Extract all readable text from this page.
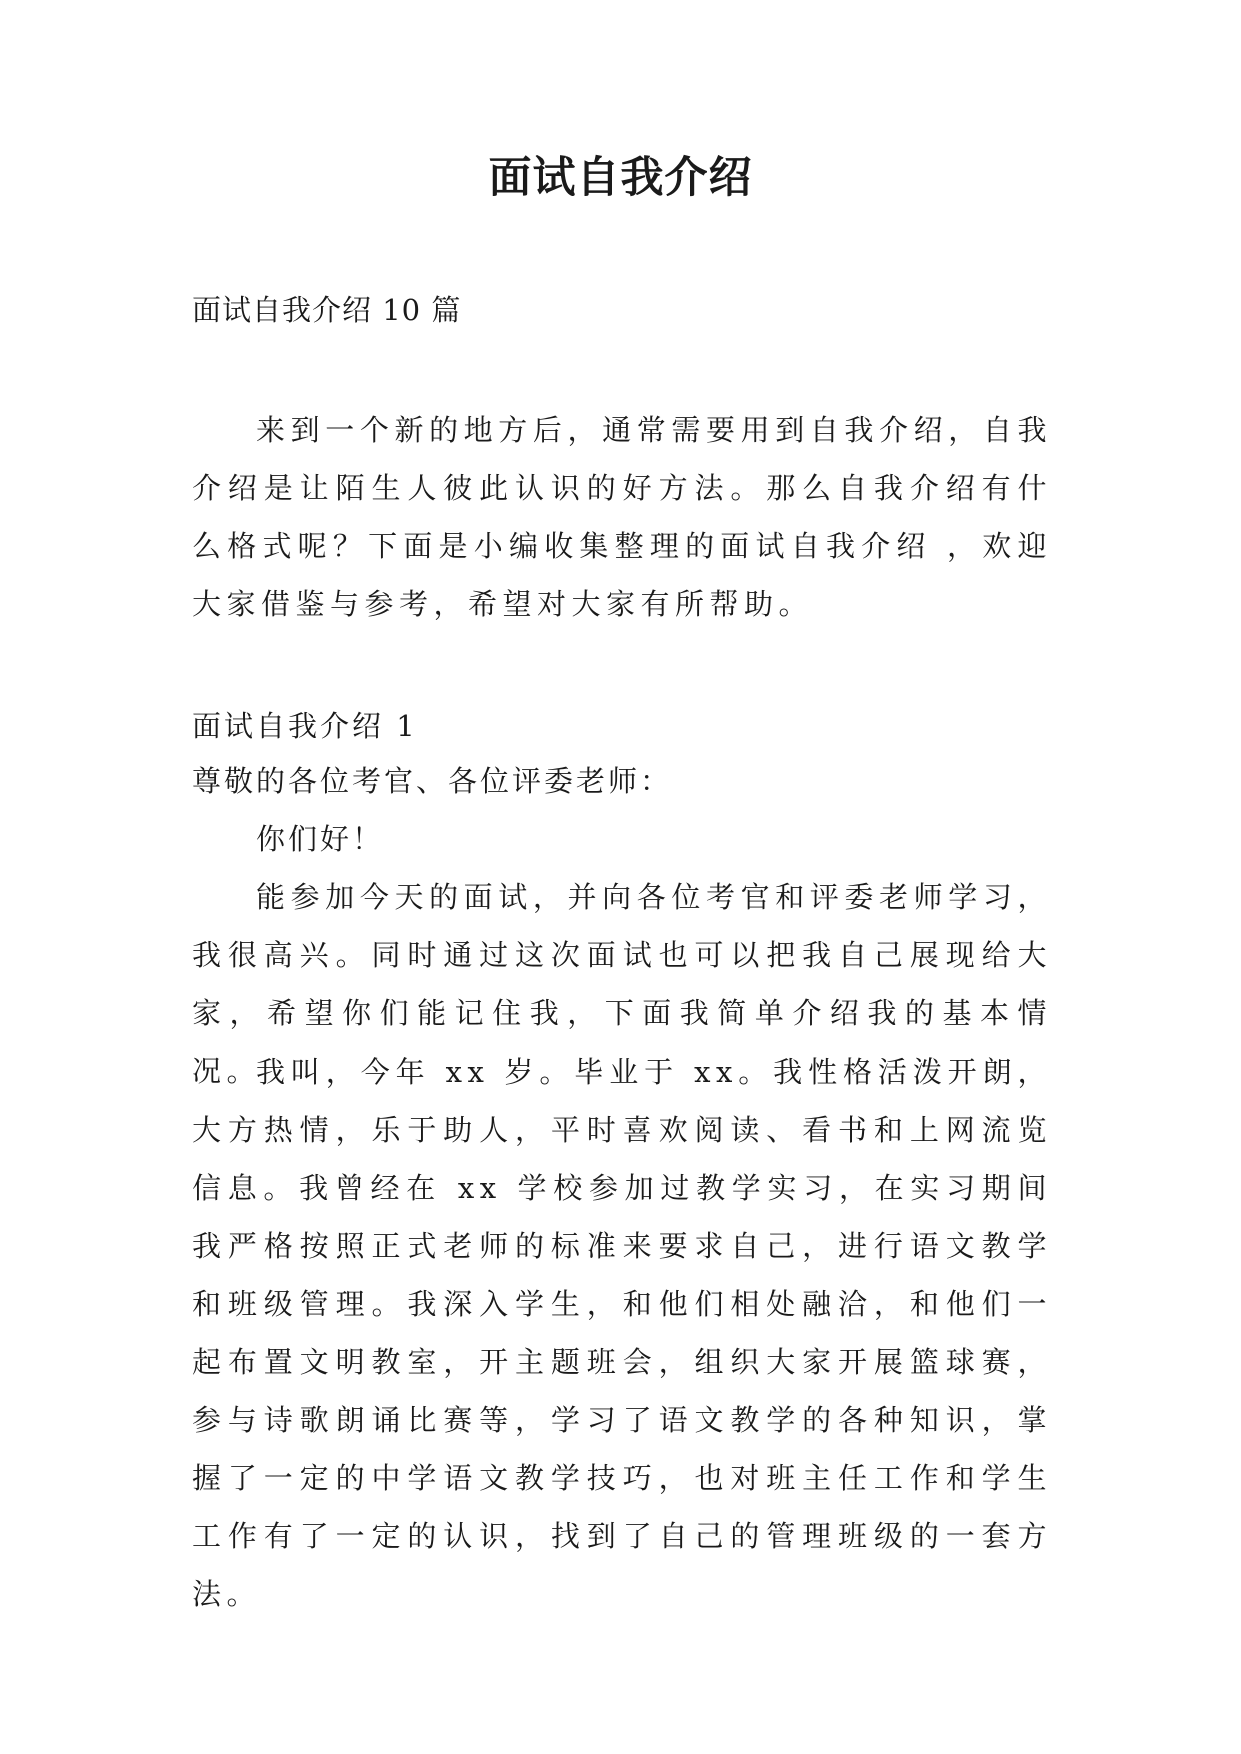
面试自我介绍

面试自我介绍 10 篇

来到一个新的地方后，通常需要用到自我介绍，自我介绍是让陌生人彼此认识的好方法。那么自我介绍有什么格式呢？下面是小编收集整理的面试自我介绍 ，欢迎大家借鉴与参考，希望对大家有所帮助。

面试自我介绍 1

尊敬的各位考官、各位评委老师：

你们好！

能参加今天的面试，并向各位考官和评委老师学习，我很高兴。同时通过这次面试也可以把我自己展现给大家，希望你们能记住我，下面我简单介绍我的基本情况。

我叫，今年 xx 岁。毕业于 xx。我性格活泼开朗，大方热情，乐于助人，平时喜欢阅读、看书和上网流览信息。我曾经在 xx 学校参加过教学实习，在实习期间我严格按照正式老师的标准来要求自己，进行语文教学和班级管理。我深入学生，和他们相处融洽，和他们一起布置文明教室，开主题班会，组织大家开展篮球赛，参与诗歌朗诵比赛等，学习了语文教学的各种知识，掌握了一定的中学语文教学技巧，也对班主任工作和学生工作有了一定的认识，找到了自己的管理班级的一套方法。
